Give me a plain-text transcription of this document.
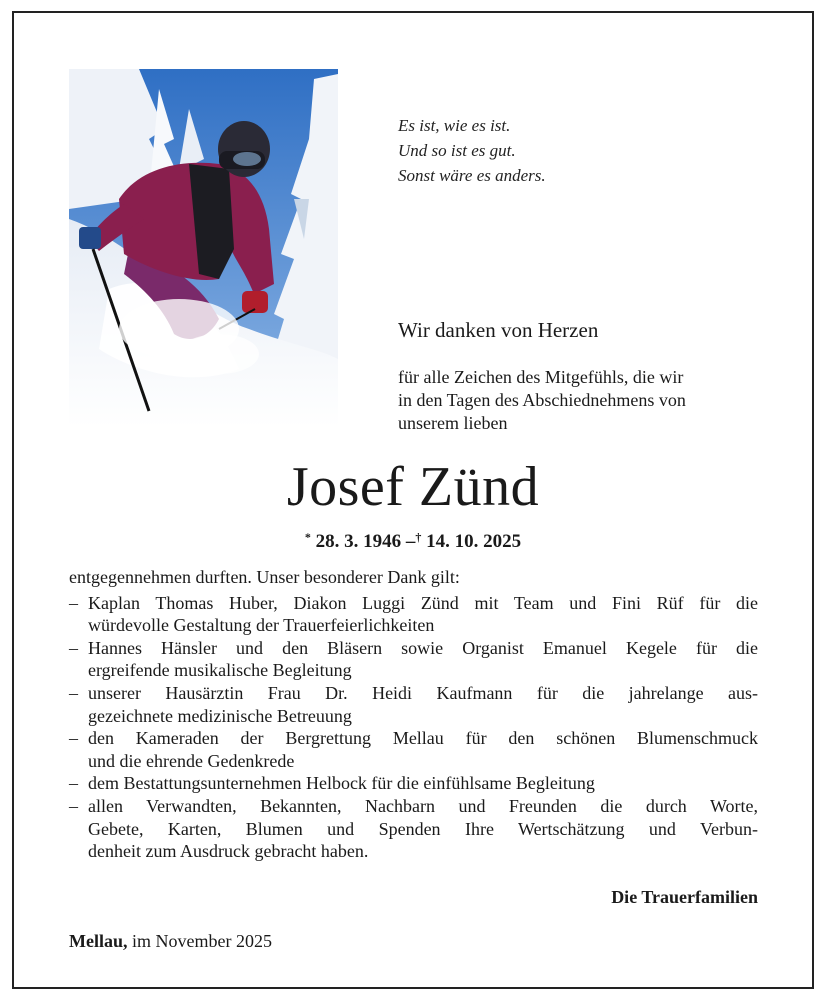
Es ist, wie es ist.
Und so ist es gut.
Sonst wäre es anders.
Wir danken von Herzen
für alle Zeichen des Mitgefühls, die wir
in den Tagen des Abschiednehmens von
unserem lieben
Josef Zünd
* 28. 3. 1946 –† 14. 10. 2025
entgegennehmen durften. Unser besonderer Dank gilt:
– Kaplan Thomas Huber, Diakon Luggi Zünd mit Team und Fini Rüf für die
würdevolle Gestaltung der Trauerfeierlichkeiten
– Hannes Hänsler und den Bläsern sowie Organist Emanuel Kegele für die
ergreifende musikalische Begleitung
– unserer Hausärztin Frau Dr. Heidi Kaufmann für die jahrelange aus-
gezeichnete medizinische Betreuung
– den Kameraden der Bergrettung Mellau für den schönen Blumenschmuck
und die ehrende Gedenkrede
– dem Bestattungsunternehmen Helbock für die einfühlsame Begleitung
– allen Verwandten, Bekannten, Nachbarn und Freunden die durch Worte,
Gebete, Karten, Blumen und Spenden Ihre Wertschätzung und Verbun-
denheit zum Ausdruck gebracht haben.
Die Trauerfamilien
Mellau, im November 2025
